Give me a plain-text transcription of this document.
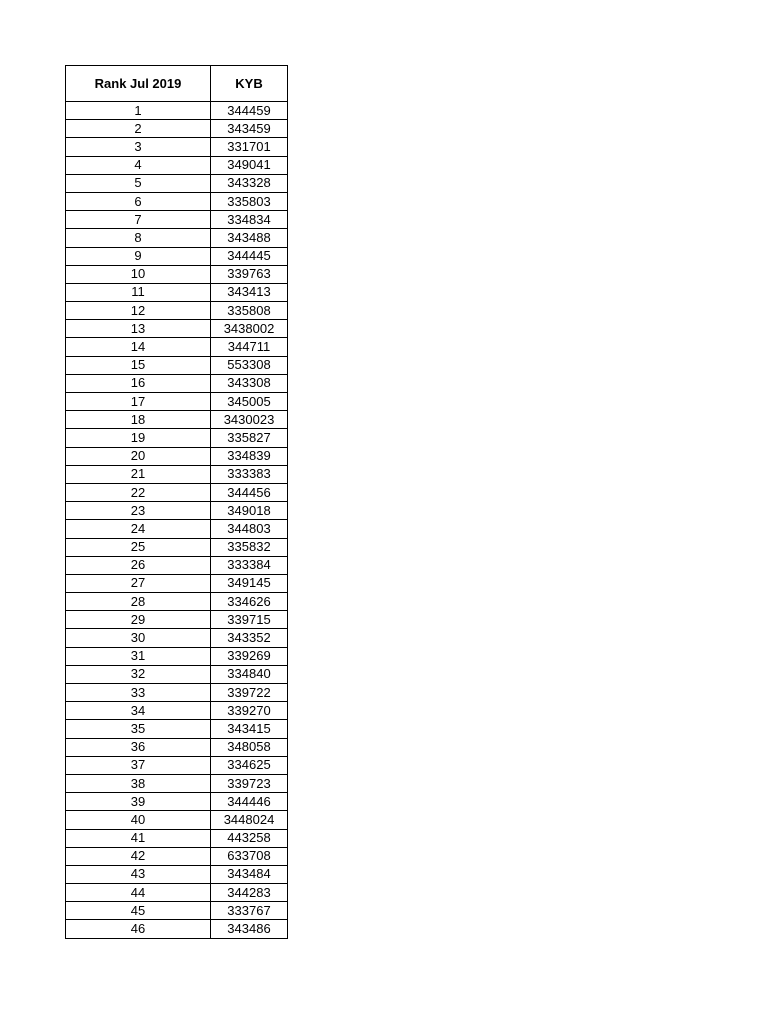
Rank Jul 2019	KYB
1	344459
2	343459
3	331701
4	349041
5	343328
6	335803
7	334834
8	343488
9	344445
10	339763
11	343413
12	335808
13	3438002
14	344711
15	553308
16	343308
17	345005
18	3430023
19	335827
20	334839
21	333383
22	344456
23	349018
24	344803
25	335832
26	333384
27	349145
28	334626
29	339715
30	343352
31	339269
32	334840
33	339722
34	339270
35	343415
36	348058
37	334625
38	339723
39	344446
40	3448024
41	443258
42	633708
43	343484
44	344283
45	333767
46	343486
